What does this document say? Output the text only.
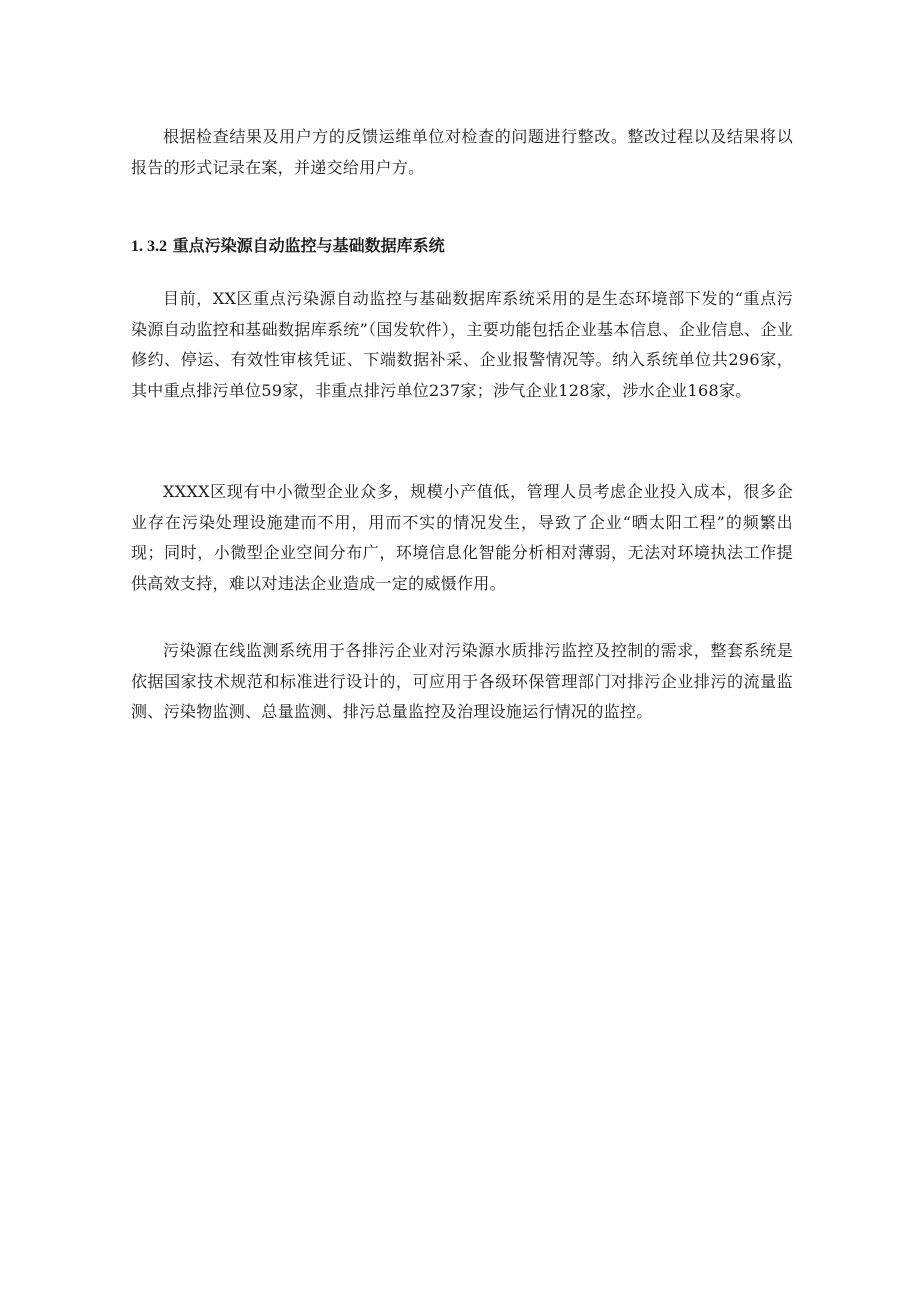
根据检查结果及用户方的反馈运维单位对检查的问题进行整改。整改过程以及结果将以报告的形式记录在案，并递交给用户方。

1. 3.2 重点污染源自动监控与基础数据库系统

目前，XX区重点污染源自动监控与基础数据库系统采用的是生态环境部下发的“重点污染源自动监控和基础数据库系统”（国发软件），主要功能包括企业基本信息、企业信息、企业修约、停运、有效性审核凭证、下端数据补采、企业报警情况等。纳入系统单位共296家，其中重点排污单位59家，非重点排污单位237家；涉气企业128家，涉水企业168家。

XXXX区现有中小微型企业众多，规模小产值低，管理人员考虑企业投入成本，很多企业存在污染处理设施建而不用，用而不实的情况发生，导致了企业“晒太阳工程”的频繁出现；同时，小微型企业空间分布广，环境信息化智能分析相对薄弱，无法对环境执法工作提供高效支持，难以对违法企业造成一定的威慑作用。

污染源在线监测系统用于各排污企业对污染源水质排污监控及控制的需求，整套系统是依据国家技术规范和标准进行设计的，可应用于各级环保管理部门对排污企业排污的流量监测、污染物监测、总量监测、排污总量监控及治理设施运行情况的监控。
